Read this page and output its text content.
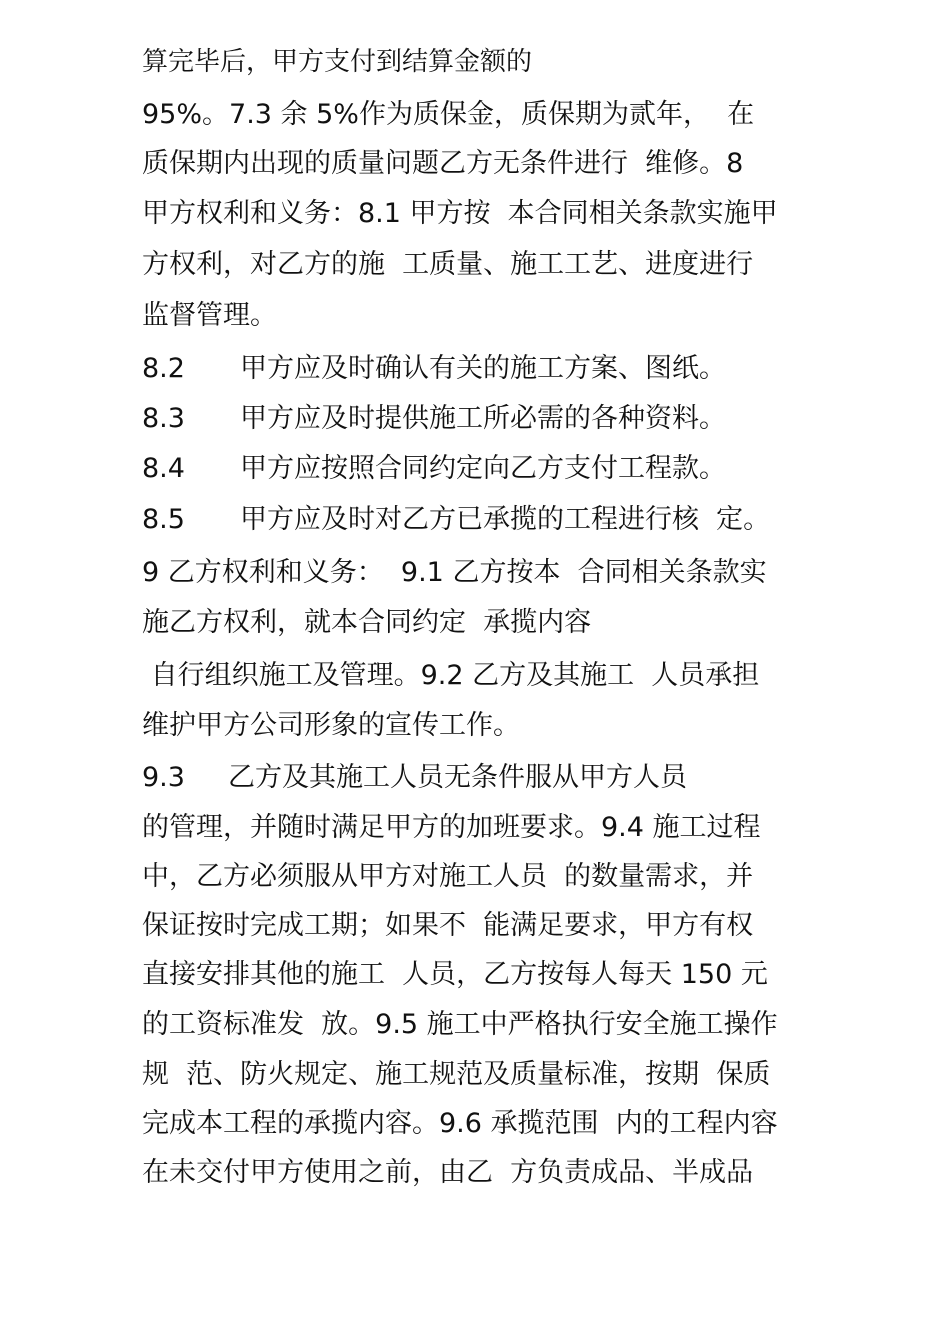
算完毕后，甲方支付到结算金额的
95%。7.3 余 5%作为质保金，质保期为贰年，  在
质保期内出现的质量问题乙方无条件进行  维修。8
甲方权利和义务：8.1 甲方按  本合同相关条款实施甲
方权利，对乙方的施  工质量、施工工艺、进度进行
监督管理。
8.2 甲方应及时确认有关的施工方案、图纸。
8.3 甲方应及时提供施工所必需的各种资料。
8.4 甲方应按照合同约定向乙方支付工程款。
8.5 甲方应及时对乙方已承揽的工程进行核  定。
9 乙方权利和义务：  9.1 乙方按本  合同相关条款实
施乙方权利，就本合同约定  承揽内容
自行组织施工及管理。9.2 乙方及其施工  人员承担
维护甲方公司形象的宣传工作。
9.3 乙方及其施工人员无条件服从甲方人员
的管理，并随时满足甲方的加班要求。9.4 施工过程
中，乙方必须服从甲方对施工人员  的数量需求，并
保证按时完成工期；如果不  能满足要求，甲方有权
直接安排其他的施工  人员，乙方按每人每天 150 元
的工资标准发  放。9.5 施工中严格执行安全施工操作
规  范、防火规定、施工规范及质量标准，按期  保质
完成本工程的承揽内容。9.6 承揽范围  内的工程内容
在未交付甲方使用之前，由乙  方负责成品、半成品
